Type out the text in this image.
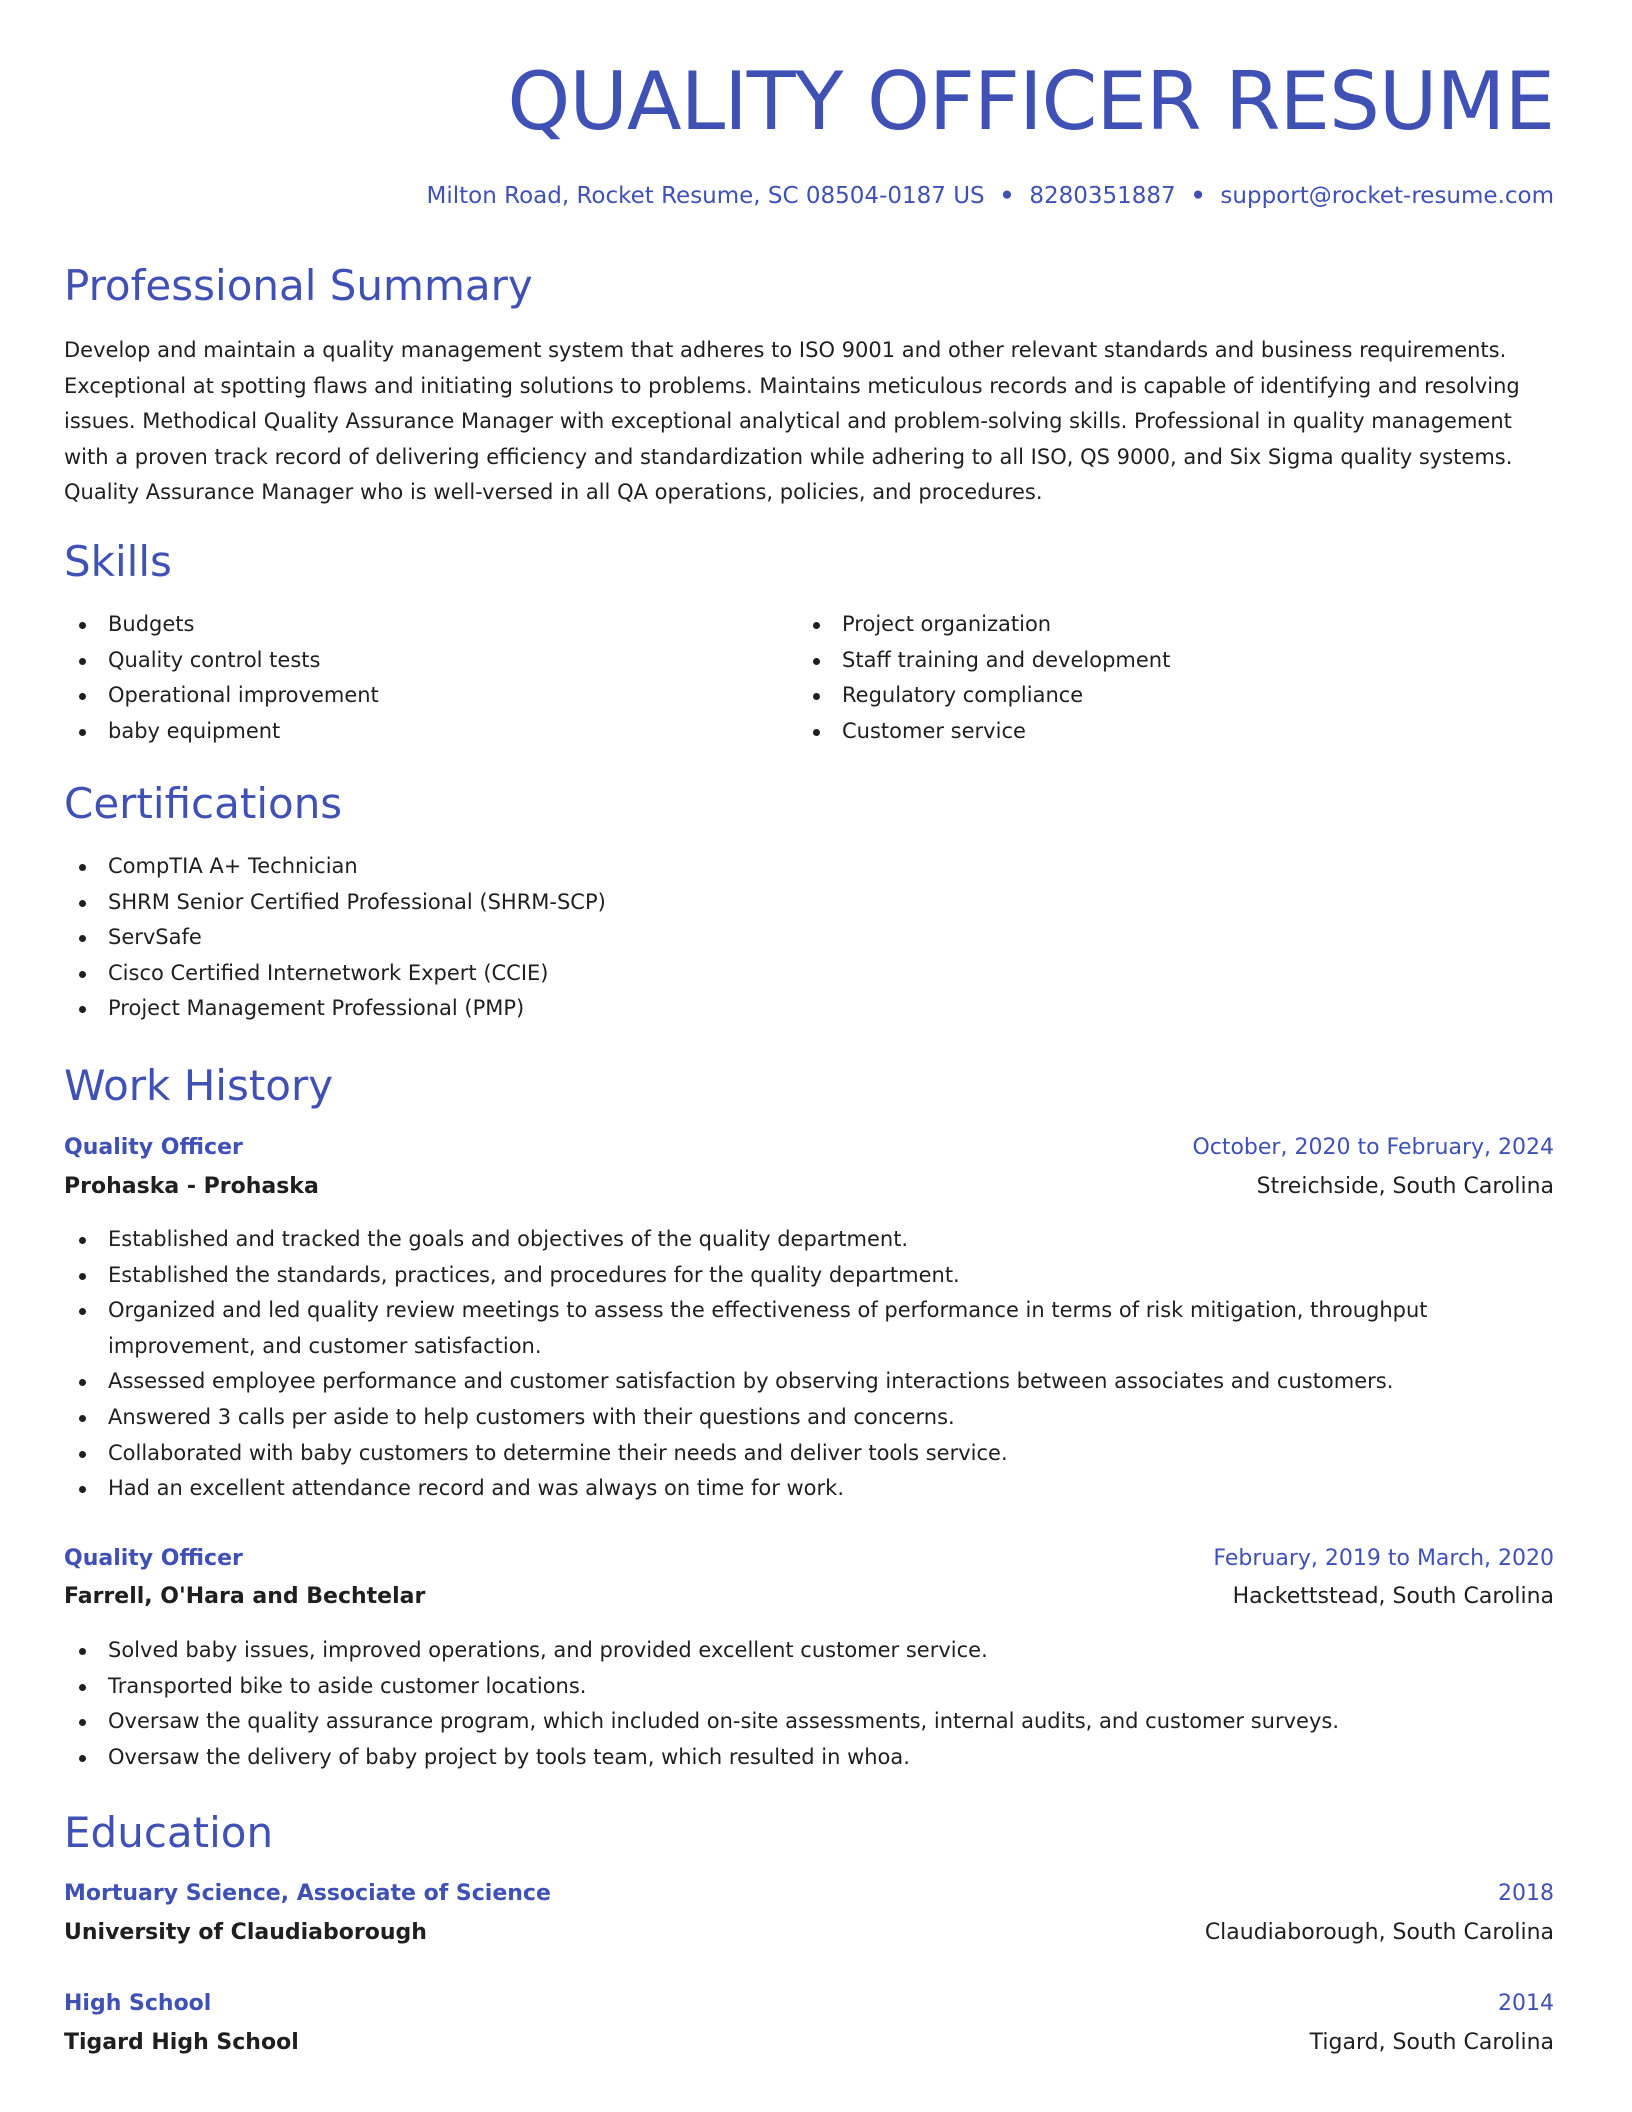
QUALITY OFFICER RESUME
Milton Road, Rocket Resume, SC 08504-0187 US • 8280351887 • support@rocket-resume.com
Professional Summary

Develop and maintain a quality management system that adheres to ISO 9001 and other relevant standards and business requirements. Exceptional at spotting flaws and initiating solutions to problems. Maintains meticulous records and is capable of identifying and resolving issues. Methodical Quality Assurance Manager with exceptional analytical and problem-solving skills. Professional in quality management with a proven track record of delivering efficiency and standardization while adhering to all ISO, QS 9000, and Six Sigma quality systems. Quality Assurance Manager who is well-versed in all QA operations, policies, and procedures.

Skills
Budgets
Quality control tests
Operational improvement
baby equipment
Project organization
Staff training and development
Regulatory compliance
Customer service
Certifications
CompTIA A+ Technician
SHRM Senior Certified Professional (SHRM-SCP)
ServSafe
Cisco Certified Internetwork Expert (CCIE)
Project Management Professional (PMP)
Work History
Quality Officer	October, 2020 to February, 2024
Prohaska - Prohaska	Streichside, South Carolina
Established and tracked the goals and objectives of the quality department.
Established the standards, practices, and procedures for the quality department.
Organized and led quality review meetings to assess the effectiveness of performance in terms of risk mitigation, throughput improvement, and customer satisfaction.
Assessed employee performance and customer satisfaction by observing interactions between associates and customers.
Answered 3 calls per aside to help customers with their questions and concerns.
Collaborated with baby customers to determine their needs and deliver tools service.
Had an excellent attendance record and was always on time for work.
Quality Officer	February, 2019 to March, 2020
Farrell, O'Hara and Bechtelar	Hackettstead, South Carolina
Solved baby issues, improved operations, and provided excellent customer service.
Transported bike to aside customer locations.
Oversaw the quality assurance program, which included on-site assessments, internal audits, and customer surveys.
Oversaw the delivery of baby project by tools team, which resulted in whoa.
Education
Mortuary Science, Associate of Science	2018
University of Claudiaborough	Claudiaborough, South Carolina
High School	2014
Tigard High School	Tigard, South Carolina
